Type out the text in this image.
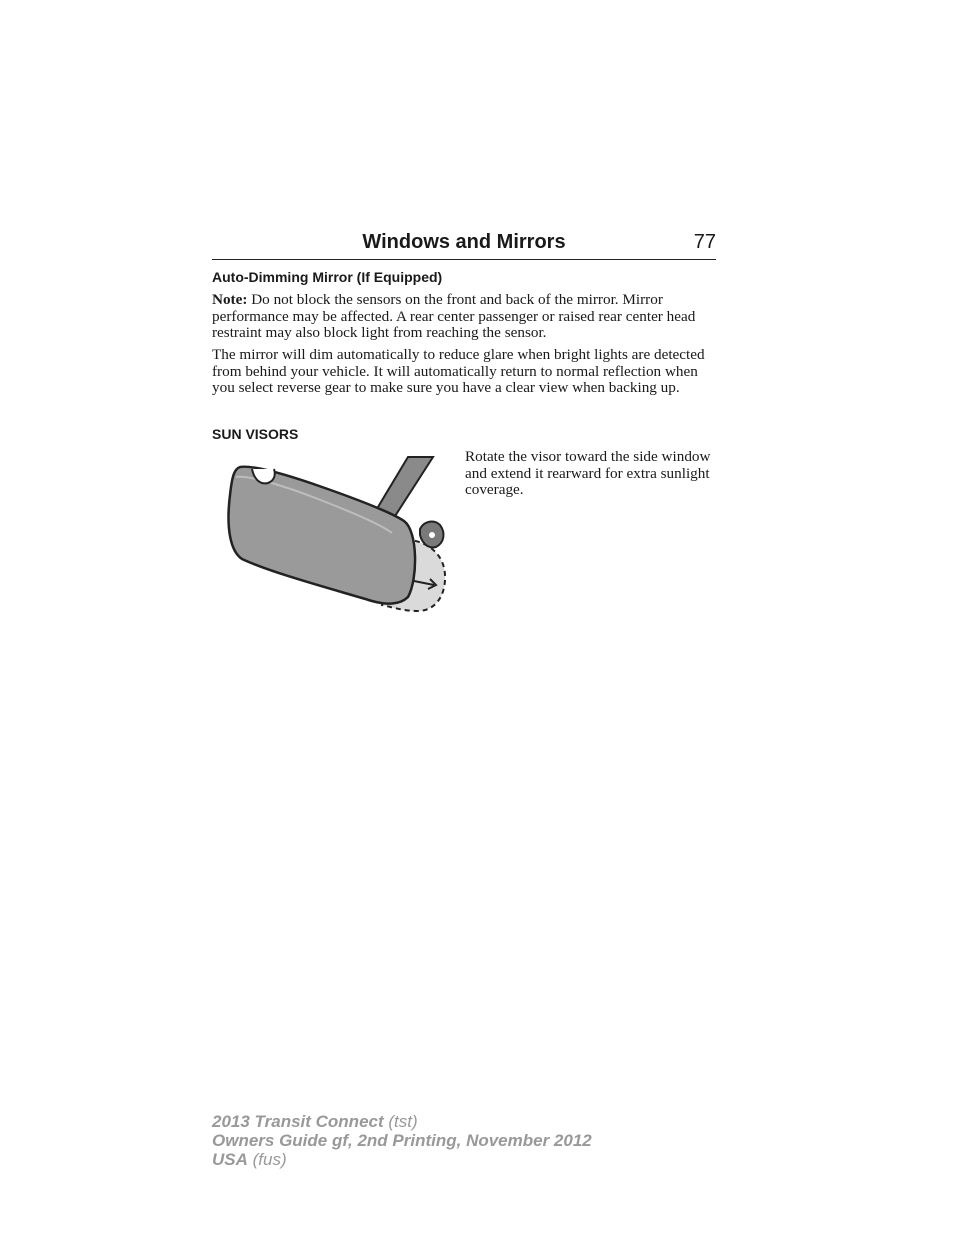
Windows and Mirrors	77
Auto-Dimming Mirror (If Equipped)

Note: Do not block the sensors on the front and back of the mirror. Mirror performance may be affected. A rear center passenger or raised rear center head restraint may also block light from reaching the sensor.

The mirror will dim automatically to reduce glare when bright lights are detected from behind your vehicle. It will automatically return to normal reflection when you select reverse gear to make sure you have a clear view when backing up.

SUN VISORS

Rotate the visor toward the side window and extend it rearward for extra sunlight coverage.

2013 Transit Connect (tst)
Owners Guide gf, 2nd Printing, November 2012
USA (fus)
